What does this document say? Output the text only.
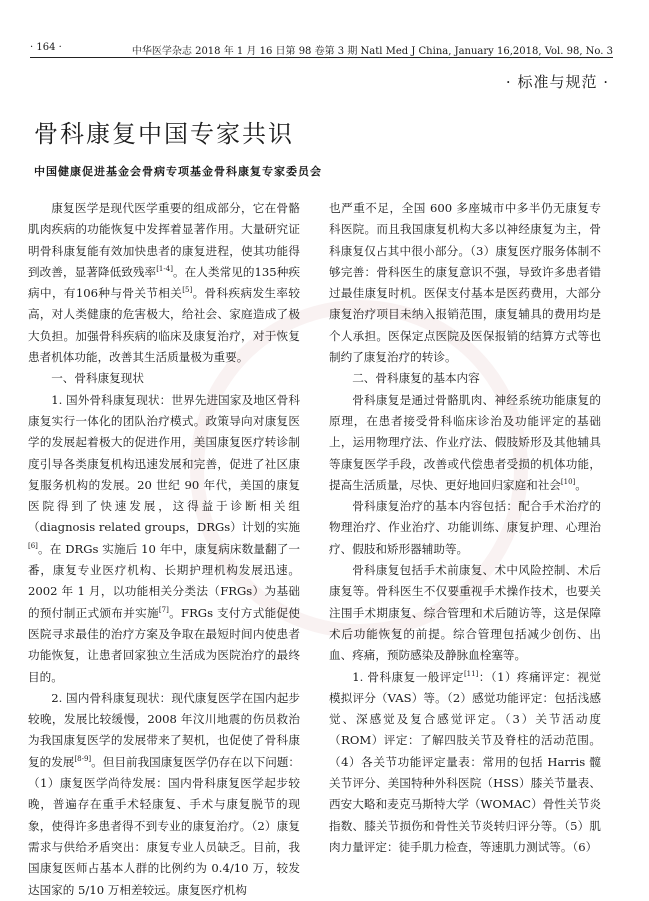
· 164 ·	中华医学杂志 2018 年 1 月 16 日第 98 卷第 3 期 Natl Med J China, January 16,2018, Vol. 98, No. 3
· 标准与规范 ·
骨科康复中国专家共识
中国健康促进基金会骨病专项基金骨科康复专家委员会

康复医学是现代医学重要的组成部分，它在骨骼肌肉疾病的功能恢复中发挥着显著作用。大量研究证明骨科康复能有效加快患者的康复进程，使其功能得到改善，显著降低致残率[1-4]。在人类常见的135种疾病中，有106种与骨关节相关[5]。骨科疾病发生率较高，对人类健康的危害极大，给社会、家庭造成了极大负担。加强骨科疾病的临床及康复治疗，对于恢复患者机体功能，改善其生活质量极为重要。

一、骨科康复现状

1. 国外骨科康复现状：世界先进国家及地区骨科康复实行一体化的团队治疗模式。政策导向对康复医学的发展起着极大的促进作用，美国康复医疗转诊制度引导各类康复机构迅速发展和完善，促进了社区康复服务机构的发展。20 世纪 90 年代，美国的康复医院得到了快速发展，这得益于诊断相关组（diagnosis related groups，DRGs）计划的实施[6]。在 DRGs 实施后 10 年中，康复病床数量翻了一番，康复专业医疗机构、长期护理机构发展迅速。2002 年 1 月，以功能相关分类法（FRGs）为基础的预付制正式颁布并实施[7]。FRGs 支付方式能促使医院寻求最佳的治疗方案及争取在最短时间内使患者功能恢复，让患者回家独立生活成为医院治疗的最终目的。

2. 国内骨科康复现状：现代康复医学在国内起步较晚，发展比较缓慢，2008 年汶川地震的伤员救治为我国康复医学的发展带来了契机，也促使了骨科康复的发展[8-9]。但目前我国康复医学仍存在以下问题：（1）康复医学尚待发展：国内骨科康复医学起步较晚，普遍存在重手术轻康复、手术与康复脱节的现象，使得许多患者得不到专业的康复治疗。（2）康复需求与供给矛盾突出：康复专业人员缺乏。目前，我国康复医师占基本人群的比例约为 0.4/10 万，较发达国家的 5/10 万相差较远。康复医疗机构

也严重不足，全国 600 多座城市中多半仍无康复专科医院。而且我国康复机构大多以神经康复为主，骨科康复仅占其中很小部分。（3）康复医疗服务体制不够完善：骨科医生的康复意识不强，导致许多患者错过最佳康复时机。医保支付基本是医药费用，大部分康复治疗项目未纳入报销范围，康复辅具的费用均是个人承担。医保定点医院及医保报销的结算方式等也制约了康复治疗的转诊。

二、骨科康复的基本内容

骨科康复是通过骨骼肌肉、神经系统功能康复的原理，在患者接受骨科临床诊治及功能评定的基础上，运用物理疗法、作业疗法、假肢矫形及其他辅具等康复医学手段，改善或代偿患者受损的机体功能，提高生活质量，尽快、更好地回归家庭和社会[10]。

骨科康复治疗的基本内容包括：配合手术治疗的物理治疗、作业治疗、功能训练、康复护理、心理治疗、假肢和矫形器辅助等。

骨科康复包括手术前康复、术中风险控制、术后康复等。骨科医生不仅要重视手术操作技术，也要关注围手术期康复、综合管理和术后随访等，这是保障术后功能恢复的前提。综合管理包括减少创伤、出血、疼痛，预防感染及静脉血栓塞等。

1. 骨科康复一般评定[11]：（1）疼痛评定：视觉模拟评分（VAS）等。（2）感觉功能评定：包括浅感觉、深感觉及复合感觉评定。（3）关节活动度（ROM）评定：了解四肢关节及脊柱的活动范围。（4）各关节功能评定量表：常用的包括 Harris 髋关节评分、美国特种外科医院（HSS）膝关节量表、西安大略和麦克马斯特大学（WOMAC）骨性关节炎指数、膝关节损伤和骨性关节炎转归评分等。（5）肌肉力量评定：徒手肌力检查，等速肌力测试等。（6）
